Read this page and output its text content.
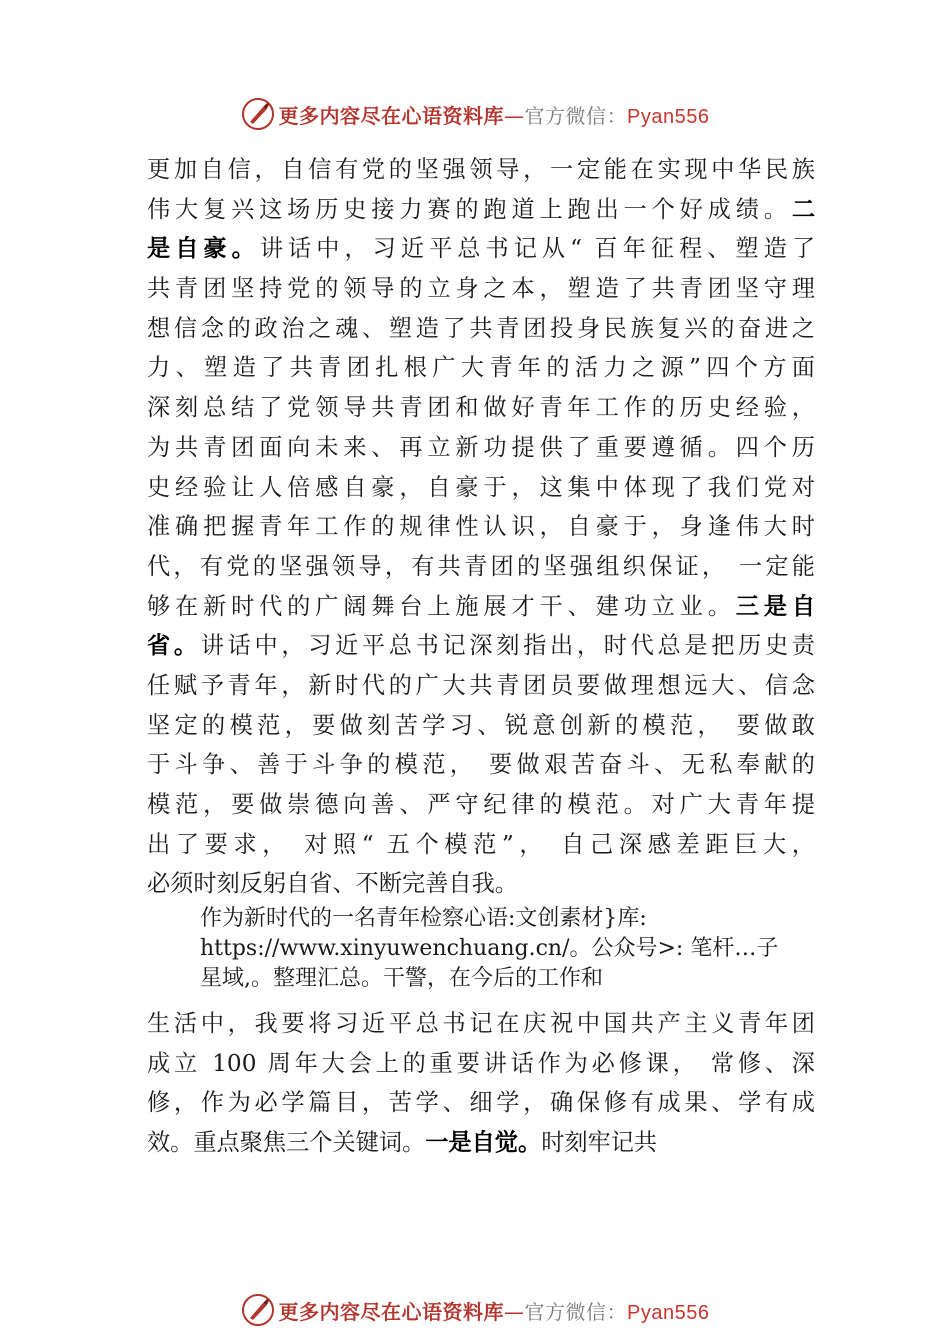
更多内容尽在心语资料库—官方微信：Pyan556
更加自信，自信有党的坚强领导，一定能在实现中华民族
伟大复兴这场历史接力赛的跑道上跑出一个好成绩。二
是自豪。讲话中，习近平总书记从“ 百年征程、塑造了
共青团坚持党的领导的立身之本，塑造了共青团坚守理
想信念的政治之魂、塑造了共青团投身民族复兴的奋进之
力、塑造了共青团扎根广大青年的活力之源”四个方面
深刻总结了党领导共青团和做好青年工作的历史经验，
为共青团面向未来、再立新功提供了重要遵循。四个历
史经验让人倍感自豪，自豪于，这集中体现了我们党对
准确把握青年工作的规律性认识，自豪于，身逢伟大时
代，有党的坚强领导，有共青团的坚强组织保证， 一定能
够在新时代的广阔舞台上施展才干、建功立业。三是自
省。讲话中，习近平总书记深刻指出，时代总是把历史责
任赋予青年，新时代的广大共青团员要做理想远大、信念
坚定的模范，要做刻苦学习、锐意创新的模范， 要做敢
于斗争、善于斗争的模范， 要做艰苦奋斗、无私奉献的
模范，要做崇德向善、严守纪律的模范。对广大青年提
出了要求， 对照“ 五个模范”， 自己深感差距巨大，
必须时刻反躬自省、不断完善自我。
作为新时代的一名青年检察心语:文创素材}库:
https://www.xinyuwenchuang.cn/。公众号>: 笔杆…子
星域,。整理汇总。干警，在今后的工作和
生活中，我要将习近平总书记在庆祝中国共产主义青年团
成立 100 周年大会上的重要讲话作为必修课， 常修、深
修，作为必学篇目，苦学、细学，确保修有成果、学有成
效。重点聚焦三个关键词。一是自觉。时刻牢记共
更多内容尽在心语资料库—官方微信：Pyan556
